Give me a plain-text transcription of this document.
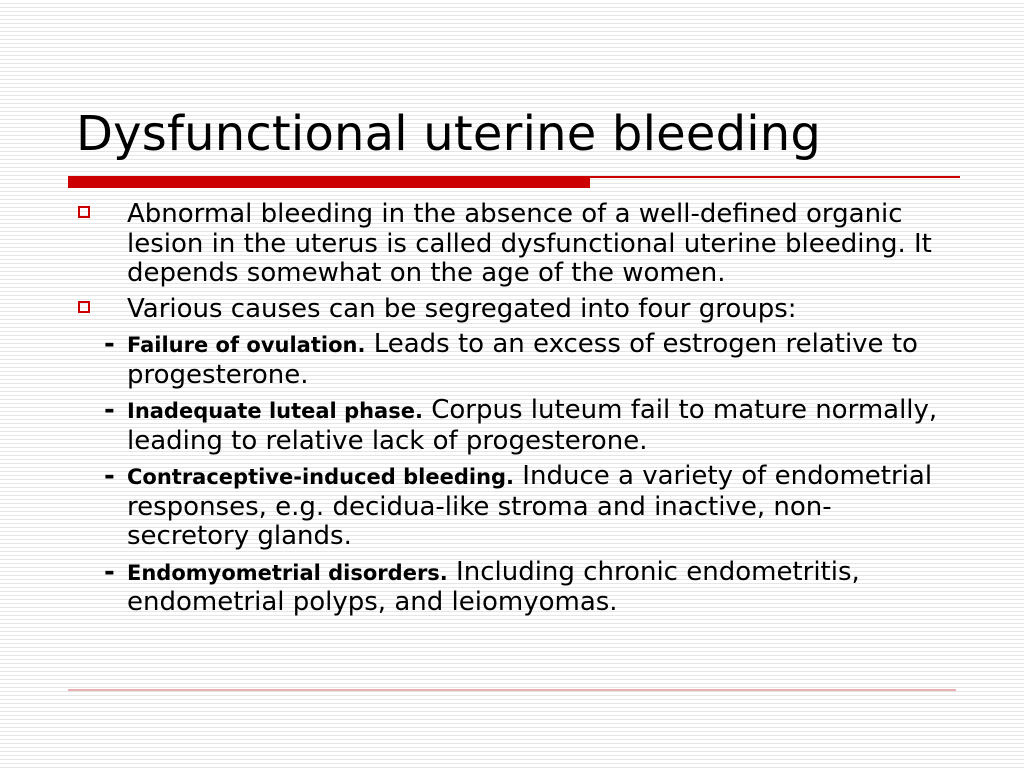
Dysfunctional uterine bleeding
Abnormal bleeding in the absence of a well-defined organic lesion in the uterus is called dysfunctional uterine bleeding. It depends somewhat on the age of the women.
Various causes can be segregated into four groups:
- Failure of ovulation. Leads to an excess of estrogen relative to progesterone.
- Inadequate luteal phase. Corpus luteum fail to mature normally, leading to relative lack of progesterone.
- Contraceptive-induced bleeding. Induce a variety of endometrial responses, e.g. decidua-like stroma and inactive, non-secretory glands.
- Endomyometrial disorders. Including chronic endometritis, endometrial polyps, and leiomyomas.
